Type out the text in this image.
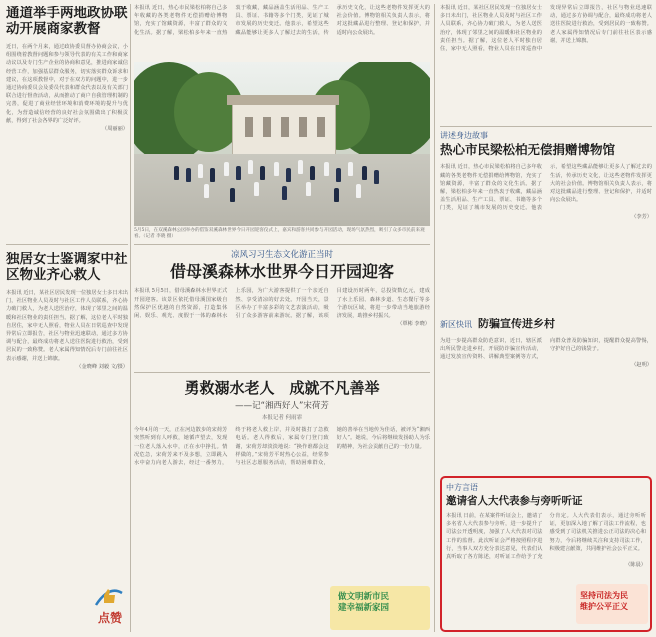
通道举手两地政协联动开展商家教督

近日，在两个月来，通过政协委员督办协商会议，小组围绕着教督问题和参与领导代表的有关工作和商家动议以及专门生产企业的协商和意见，推进商家诚信经营工作，加强基层群众服务，切实落实群众诉求和建议，在这项教督中，对于在双方的问题中，进一步通过协商委员会及委员代表和群众代表以及有关部门联合进行督查活动，从而推动了商户自我管理机制的完善，促进了商业经营环境和消费环境的提升与优化，为营造诚信经营的良好社会氛围做出了积极贡献，得到了社会各界的广泛好评。

（周丽丽）

独居女士鉴调家中社区物业齐心救人

本报讯 近日，某社区居民发现一位独居女士多日未出门，社区物业人员及时与社区工作人员联系，齐心协力破门救人，为老人送医治疗，体现了邻里之间的温暖和社区物业的责任担当。据了解，这位老人平时独自居住，家中无人照看，物业人员在日常巡查中发现异常后立即报告，社区与物业迅速联动，通过多方协调与配合，最终成功将老人送往医院进行救治，受到居民的一致称赞。老人家属得知情况后专门前往社区表示感谢，并送上锦旗。

（金晓峰 刘毅 文/摄）

点赞

本报讯 近日，热心市民梁松柏将自己多年收藏的各类老物件无偿捐赠给博物馆，充实了馆藏资源，丰富了群众的文化生活。据了解，梁松柏多年来一直热衷于收藏，藏品涵盖生活用品、生产工具、票证、书籍等多个门类，见证了城市发展的历史变迁。他表示，希望这些藏品能够让更多人了解过去的生活，传承历史文化，让这些老物件发挥更大的社会价值。博物馆相关负责人表示，将对这批藏品进行整理、登记和保护，并适时向公众展出。

5月5日，在双溪森林公园举办的借鉴双溪森林世界今日开园迎客仪式上，嘉宾和游客共同参与开园活动，现场气氛热烈，吸引了众多市民前来观看。（记者 李晓 摄）

凉风习习生态文化游正当时

借母溪森林水世界今日开园迎客

本报讯 5月5日，借母溪森林水世界正式开园迎客。该景区依托借母溪国家级自然保护区优越的自然资源，打造集休闲、娱乐、观光、度假于一体的森林水上乐园，为广大游客提供了一个亲近自然、享受清凉的好去处。开园当天，景区举办了丰富多彩的文艺表演活动，吸引了众多游客前来游玩。据了解，该项目建设历时两年，总投资数亿元，建成了水上乐园、森林步道、生态餐厅等多个游玩区域，将进一步带动当地旅游经济发展，助推乡村振兴。

（覃彬 李晓）

勇救溺水老人　成就不凡善举

——记“湘西好人”宋荷芳

本报记者 何雨霏

今年4月的一天，正在河边散步的宋荷芳突然听到有人呼救，她循声望去，发现一位老人落入水中，正在水中挣扎。情况危急，宋荷芳来不及多想，立即跳入水中奋力向老人游去，经过一番努力，终于将老人救上岸，并及时拨打了急救电话。老人得救后，家属专门登门致谢，宋荷芳却淡淡地说：“换作谁都会这样做的。”宋荷芳平时热心公益，经常参与社区志愿服务活动，帮助困难群众，她的善举在当地传为佳话，被评为“湘西好人”。她说，今后将继续发扬助人为乐的精神，为社会贡献自己的一份力量。

做文明新市民
建幸福新家园

本报讯 近日，某社区居民发现一位独居女士多日未出门，社区物业人员及时与社区工作人员联系，齐心协力破门救人，为老人送医治疗，体现了邻里之间的温暖和社区物业的责任担当。据了解，这位老人平时独自居住，家中无人照看，物业人员在日常巡查中发现异常后立即报告，社区与物业迅速联动，通过多方协调与配合，最终成功将老人送往医院进行救治，受到居民的一致称赞。老人家属得知情况后专门前往社区表示感谢，并送上锦旗。

讲述身边故事

热心市民梁松柏无偿捐赠博物馆

本报讯 近日，热心市民梁松柏将自己多年收藏的各类老物件无偿捐赠给博物馆，充实了馆藏资源，丰富了群众的文化生活。据了解，梁松柏多年来一直热衷于收藏，藏品涵盖生活用品、生产工具、票证、书籍等多个门类，见证了城市发展的历史变迁。他表示，希望这些藏品能够让更多人了解过去的生活，传承历史文化，让这些老物件发挥更大的社会价值。博物馆相关负责人表示，将对这批藏品进行整理、登记和保护，并适时向公众展出。

（李芳）

新区快讯 防骗宣传进乡村

为进一步提高群众防范意识，近日，辖区派出所民警走进乡村，开展防诈骗宣传活动，通过发放宣传资料、讲解典型案例等方式，向群众普及防骗知识，提醒群众提高警惕，守护好自己的钱袋子。

（赵明）

中方言语

邀请省人大代表参与旁听听证

本报讯 日前，在某案件听证会上，邀请了多名省人大代表参与旁听，进一步提升了司法公开透明度，加强了人大代表对司法工作的监督。此次听证会严格按照程序进行，当事人双方充分表达意见，代表们认真听取了各方陈述，对听证工作给予了充分肯定。人大代表们表示，通过旁听听证，更加深入地了解了司法工作流程，也感受到了司法机关推进公正司法的决心和努力，今后将继续关注和支持司法工作，积极建言献策，共同维护社会公平正义。

（陈晨）

坚持司法为民
维护公平正义
